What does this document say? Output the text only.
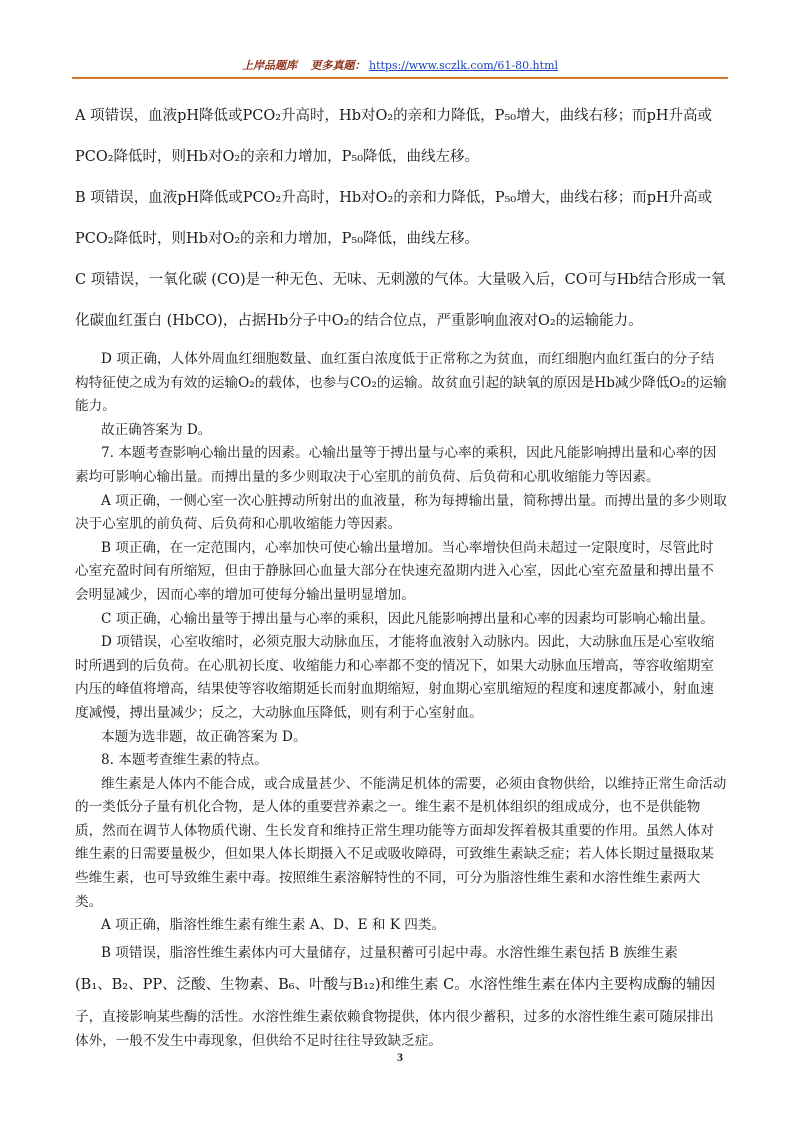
上岸品题库 更多真题： https://www.sczlk.com/61-80.html

A 项错误，血液pH降低或PCO₂升高时，Hb对O₂的亲和力降低，P₅₀增大，曲线右移；而pH升高或PCO₂降低时，则Hb对O₂的亲和力增加，P₅₀降低，曲线左移。

B 项错误，血液pH降低或PCO₂升高时，Hb对O₂的亲和力降低，P₅₀增大，曲线右移；而pH升高或PCO₂降低时，则Hb对O₂的亲和力增加，P₅₀降低，曲线左移。

C 项错误，一氧化碳 (CO)是一种无色、无味、无刺激的气体。大量吸入后，CO可与Hb结合形成一氧化碳血红蛋白 (HbCO)，占据Hb分子中O₂的结合位点，严重影响血液对O₂的运输能力。

D 项正确，人体外周血红细胞数量、血红蛋白浓度低于正常称之为贫血，而红细胞内血红蛋白的分子结构特征使之成为有效的运输O₂的载体，也参与CO₂的运输。故贫血引起的缺氧的原因是Hb减少降低O₂的运输能力。

故正确答案为 D。

7. 本题考查影响心输出量的因素。心输出量等于搏出量与心率的乘积，因此凡能影响搏出量和心率的因素均可影响心输出量。而搏出量的多少则取决于心室肌的前负荷、后负荷和心肌收缩能力等因素。

A 项正确，一侧心室一次心脏搏动所射出的血液量，称为每搏输出量，简称搏出量。而搏出量的多少则取决于心室肌的前负荷、后负荷和心肌收缩能力等因素。

B 项正确，在一定范围内，心率加快可使心输出量增加。当心率增快但尚未超过一定限度时，尽管此时心室充盈时间有所缩短，但由于静脉回心血量大部分在快速充盈期内进入心室，因此心室充盈量和搏出量不会明显减少，因而心率的增加可使每分输出量明显增加。

C 项正确，心输出量等于搏出量与心率的乘积，因此凡能影响搏出量和心率的因素均可影响心输出量。

D 项错误，心室收缩时，必须克服大动脉血压，才能将血液射入动脉内。因此，大动脉血压是心室收缩时所遇到的后负荷。在心肌初长度、收缩能力和心率都不变的情况下，如果大动脉血压增高，等容收缩期室内压的峰值将增高，结果使等容收缩期延长而射血期缩短，射血期心室肌缩短的程度和速度都减小，射血速度减慢，搏出量减少；反之，大动脉血压降低，则有利于心室射血。

本题为选非题，故正确答案为 D。

8. 本题考查维生素的特点。

维生素是人体内不能合成，或合成量甚少、不能满足机体的需要，必须由食物供给，以维持正常生命活动的一类低分子量有机化合物，是人体的重要营养素之一。维生素不是机体组织的组成成分，也不是供能物质，然而在调节人体物质代谢、生长发育和维持正常生理功能等方面却发挥着极其重要的作用。虽然人体对维生素的日需要量极少，但如果人体长期摄入不足或吸收障碍，可致维生素缺乏症；若人体长期过量摄取某些维生素，也可导致维生素中毒。按照维生素溶解特性的不同，可分为脂溶性维生素和水溶性维生素两大类。

A 项正确，脂溶性维生素有维生素 A、D、E 和 K 四类。

B 项错误，脂溶性维生素体内可大量储存，过量积蓄可引起中毒。水溶性维生素包括 B 族维生素

(B₁、B₂、PP、泛酸、生物素、B₆、叶酸与B₁₂)和维生素 C。水溶性维生素在体内主要构成酶的辅因

子，直接影响某些酶的活性。水溶性维生素依赖食物提供，体内很少蓄积，过多的水溶性维生素可随尿排出体外，一般不发生中毒现象，但供给不足时往往导致缺乏症。

3
